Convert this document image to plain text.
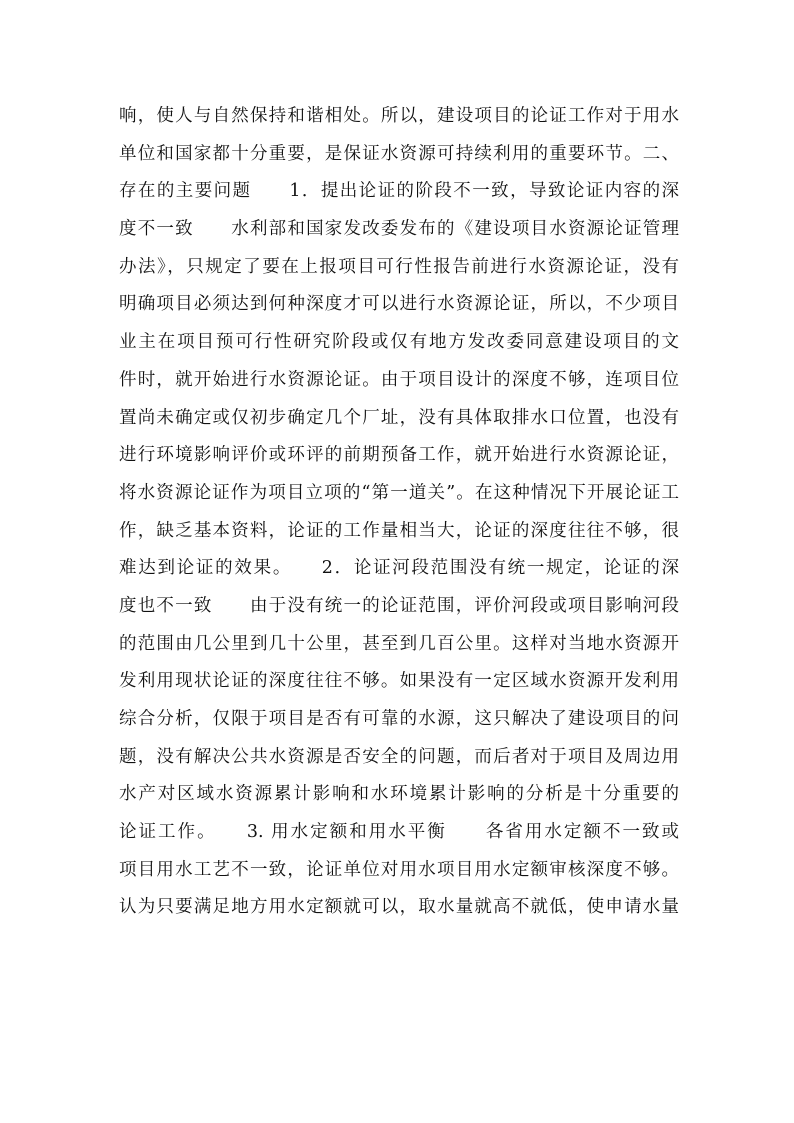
响，使人与自然保持和谐相处。所以，建设项目的论证工作对于用水
单位和国家都十分重要，是保证水资源可持续利用的重要环节。二、
存在的主要问题　　1．提出论证的阶段不一致，导致论证内容的深
度不一致　　水利部和国家发改委发布的《建设项目水资源论证管理
办法》，只规定了要在上报项目可行性报告前进行水资源论证，没有
明确项目必须达到何种深度才可以进行水资源论证，所以，不少项目
业主在项目预可行性研究阶段或仅有地方发改委同意建设项目的文
件时，就开始进行水资源论证。由于项目设计的深度不够，连项目位
置尚未确定或仅初步确定几个厂址，没有具体取排水口位置，也没有
进行环境影响评价或环评的前期预备工作，就开始进行水资源论证，
将水资源论证作为项目立项的“第一道关”。在这种情况下开展论证工
作，缺乏基本资料，论证的工作量相当大，论证的深度往往不够，很
难达到论证的效果。　　2．论证河段范围没有统一规定，论证的深
度也不一致　　由于没有统一的论证范围，评价河段或项目影响河段
的范围由几公里到几十公里，甚至到几百公里。这样对当地水资源开
发利用现状论证的深度往往不够。如果没有一定区域水资源开发利用
综合分析，仅限于项目是否有可靠的水源，这只解决了建设项目的问
题，没有解决公共水资源是否安全的问题，而后者对于项目及周边用
水产对区域水资源累计影响和水环境累计影响的分析是十分重要的
论证工作。　　3. 用水定额和用水平衡　　各省用水定额不一致或
项目用水工艺不一致，论证单位对用水项目用水定额审核深度不够。
认为只要满足地方用水定额就可以，取水量就高不就低，使申请水量
